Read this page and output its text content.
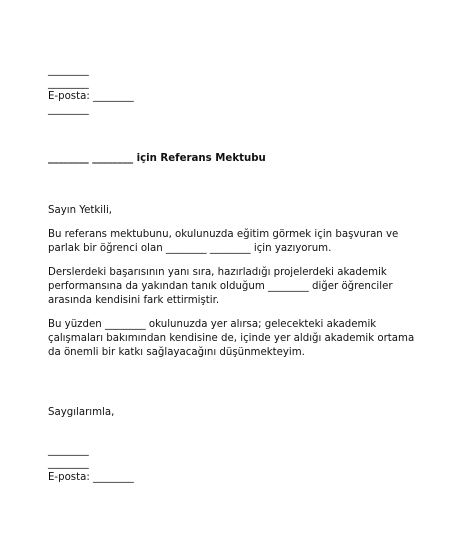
________

________

E-posta: ________

________

________ ________ için Referans Mektubu

Sayın Yetkili,

Bu referans mektubunu, okulunuzda eğitim görmek için başvuran ve parlak bir öğrenci olan ________ ________ için yazıyorum.

Derslerdeki başarısının yanı sıra, hazırladığı projelerdeki akademik performansına da yakından tanık olduğum ________ diğer öğrenciler arasında kendisini fark ettirmiştir.

Bu yüzden ________ okulunuzda yer alırsa; gelecekteki akademik çalışmaları bakımından kendisine de, içinde yer aldığı akademik ortama da önemli bir katkı sağlayacağını düşünmekteyim.

Saygılarımla,

________

________

E-posta: ________
